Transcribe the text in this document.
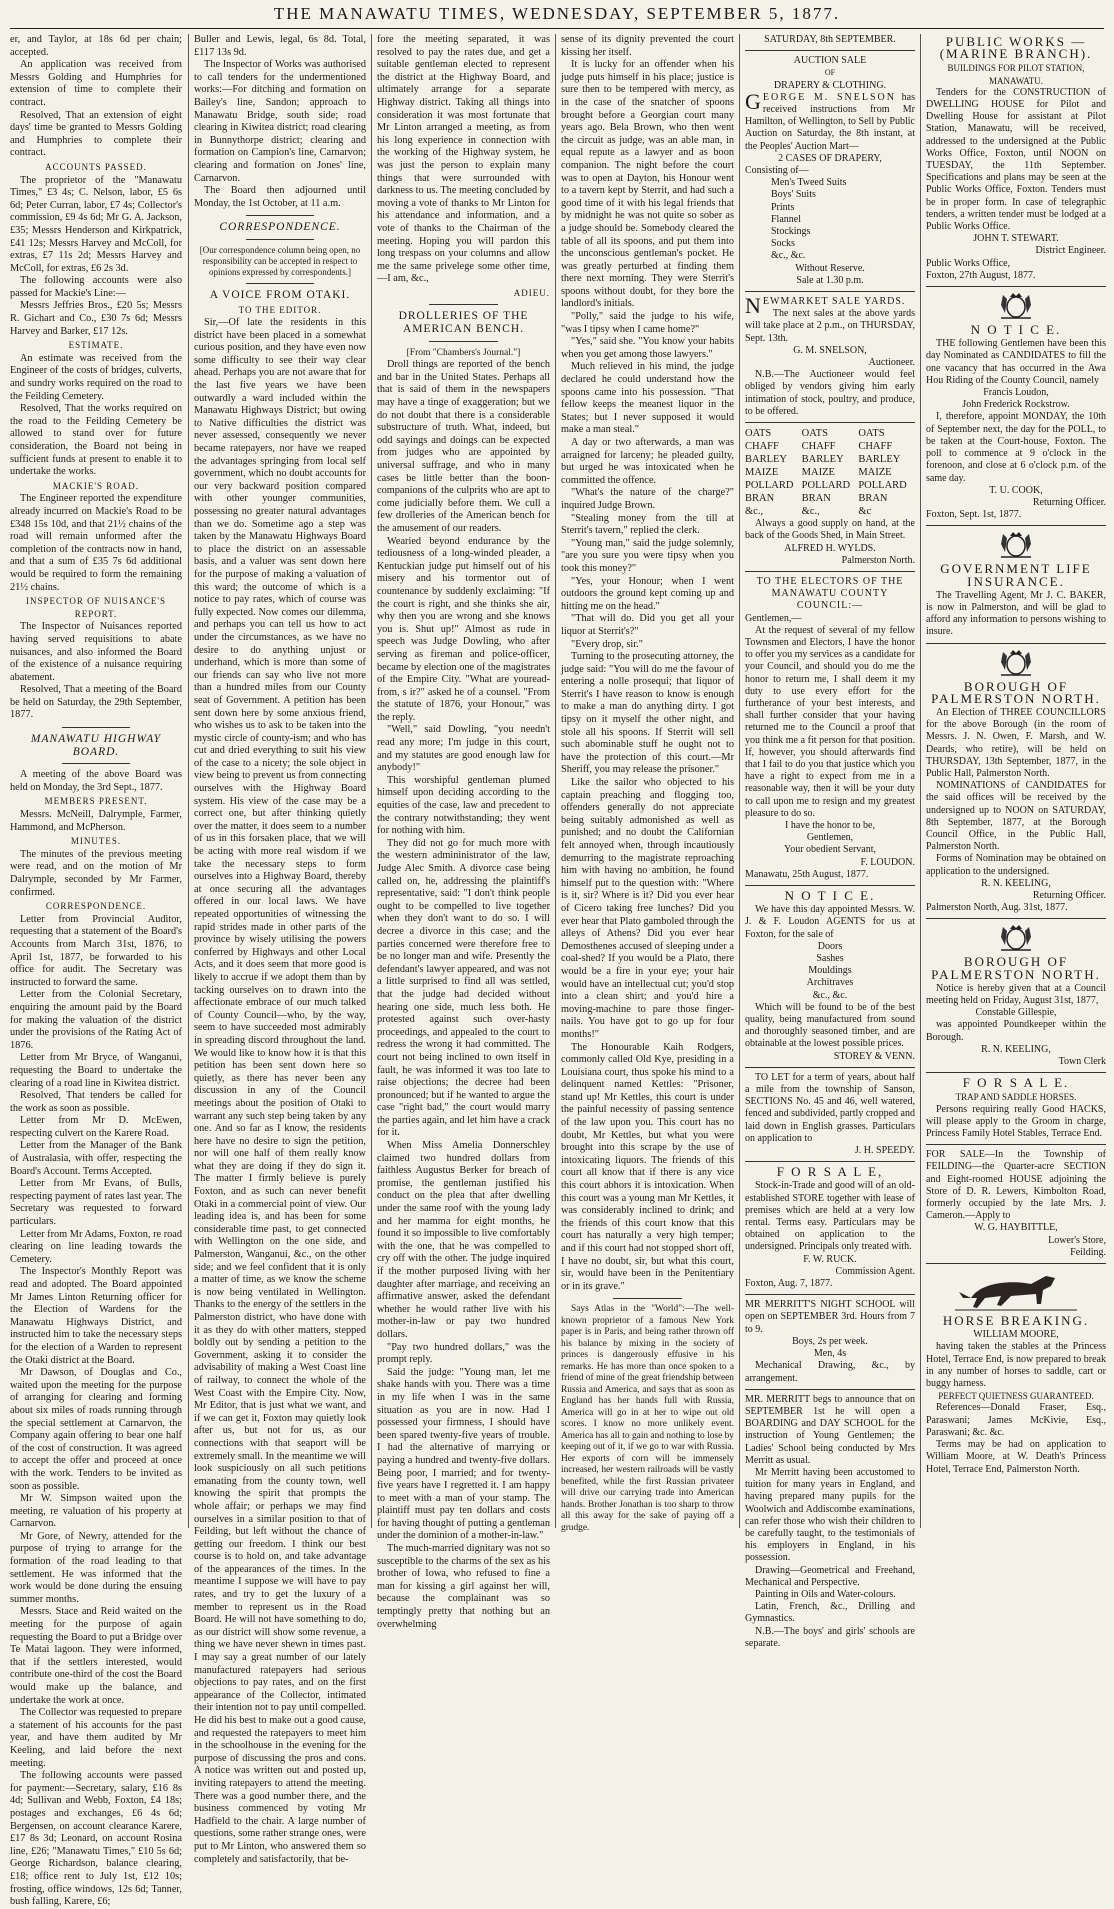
THE MANAWATU TIMES, WEDNESDAY, SEPTEMBER 5, 1877.

er, and Taylor, at 18s 6d per chain; accepted.

An application was received from Messrs Golding and Humphries for extension of time to complete their contract.

Resolved, That an extension of eight days' time be granted to Messrs Golding and Humphries to complete their contract.

ACCOUNTS PASSED.

The proprietor of the "Manawatu Times," £3 4s; C. Nelson, labor, £5 6s 6d; Peter Curran, labor, £7 4s; Collector's commission, £9 4s 6d; Mr G. A. Jackson, £35; Messrs Henderson and Kirkpatrick, £41 12s; Messrs Harvey and McColl, for extras, £7 11s 2d; Messrs Harvey and McColl, for extras, £6 2s 3d.

The following accounts were also passed for Mackie's Line:—

Messrs Jeffries Bros., £20 5s; Messrs R. Gichart and Co., £30 7s 6d; Messrs Harvey and Barker, £17 12s.

ESTIMATE.

An estimate was received from the Engineer of the costs of bridges, culverts, and sundry works required on the road to the Feilding Cemetery.

Resolved, That the works required on the road to the Feilding Cemetery be allowed to stand over for future consideration, the Board not being in sufficient funds at present to enable it to undertake the works.

MACKIE'S ROAD.

The Engineer reported the expenditure already incurred on Mackie's Road to be £348 15s 10d, and that 21½ chains of the road will remain unformed after the completion of the contracts now in hand, and that a sum of £35 7s 6d additional would be required to form the remaining 21½ chains.

INSPECTOR OF NUISANCE'S REPORT.

The Inspector of Nuisances reported having served requisitions to abate nuisances, and also informed the Board of the existence of a nuisance requiring abatement.

Resolved, That a meeting of the Board be held on Saturday, the 29th September, 1877.

MANAWATU HIGHWAY BOARD.

A meeting of the above Board was held on Monday, the 3rd Sept., 1877.

MEMBERS PRESENT.

Messrs. McNeill, Dalrymple, Farmer, Hammond, and McPherson.

MINUTES.

The minutes of the previous meeting were read, and on the motion of Mr Dalrymple, seconded by Mr Farmer, confirmed.

CORRESPONDENCE.

Letter from Provincial Auditor, requesting that a statement of the Board's Accounts from March 31st, 1876, to April 1st, 1877, be forwarded to his office for audit. The Secretary was instructed to forward the same.

Letter from the Colonial Secretary, enquiring the amount paid by the Board for making the valuation of the district under the provisions of the Rating Act of 1876.

Letter from Mr Bryce, of Wanganui, requesting the Board to undertake the clearing of a road line in Kiwitea district.

Resolved, That tenders be called for the work as soon as possible.

Letter from Mr D. McEwen, respecting culvert on the Karere Road.

Letter from the Manager of the Bank of Australasia, with offer, respecting the Board's Account. Terms Accepted.

Letter from Mr Evans, of Bulls, respecting payment of rates last year. The Secretary was requested to forward particulars.

Letter from Mr Adams, Foxton, re road clearing on line leading towards the Cemetery.

The Inspector's Monthly Report was read and adopted. The Board appointed Mr James Linton Returning officer for the Election of Wardens for the Manawatu Highways District, and instructed him to take the necessary steps for the election of a Warden to represent the Otaki district at the Board.

Mr Dawson, of Douglas and Co., waited upon the meeting for the purpose of arranging for clearing and forming about six miles of roads running through the special settlement at Carnarvon, the Company again offering to bear one half of the cost of construction. It was agreed to accept the offer and proceed at once with the work. Tenders to be invited as soon as possible.

Mr W. Simpson waited upon the meeting, re valuation of his property at Carnarvon.

Mr Gore, of Newry, attended for the purpose of trying to arrange for the formation of the road leading to that settlement. He was informed that the work would be done during the ensuing summer months.

Messrs. Stace and Reid waited on the meeting for the purpose of again requesting the Board to put a Bridge over Te Matai lagoon. They were informed, that if the settlers interested, would contribute one-third of the cost the Board would make up the balance, and undertake the work at once.

The Collector was requested to prepare a statement of his accounts for the past year, and have them audited by Mr Keeling, and laid before the next meeting.

The following accounts were passed for payment:—Secretary, salary, £16 8s 4d; Sullivan and Webb, Foxton, £4 18s; postages and exchanges, £6 4s 6d; Bergensen, on account clearance Karere, £17 8s 3d; Leonard, on account Rosina line, £26; "Manawatu Times," £10 5s 6d; George Richardson, balance clearing, £18; office rent to July 1st, £12 10s; frosting, office windows, 12s 6d; Tanner, bush falling, Karere, £6;

Buller and Lewis, legal, 6s 8d. Total, £117 13s 9d.

The Inspector of Works was authorised to call tenders for the undermentioned works:—For ditching and formation on Bailey's line, Sandon; approach to Manawatu Bridge, south side; road clearing in Kiwitea district; road clearing in Bunnythorpe district; clearing and formation on Campion's line, Carnarvon; clearing and formation on Jones' line, Carnarvon.

The Board then adjourned until Monday, the 1st October, at 11 a.m.

CORRESPONDENCE.

[Our correspondence column being open, no responsibility can be accepted in respect to opinions expressed by correspondents.]

A VOICE FROM OTAKI.
TO THE EDITOR.

Sir,—Of late the residents in this district have been placed in a somewhat curious position, and they have even now some difficulty to see their way clear ahead. Perhaps you are not aware that for the last five years we have been outwardly a ward included within the Manawatu Highways District; but owing to Native difficulties the district was never assessed, consequently we never became ratepayers, nor have we reaped the advantages springing from local self government, which no doubt accounts for our very backward position compared with other younger communities, possessing no greater natural advantages than we do. Sometime ago a step was taken by the Manawatu Highways Board to place the district on an assessable basis, and a valuer was sent down here for the purpose of making a valuation of this ward; the outcome of which is a notice to pay rates, which of course was fully expected. Now comes our dilemma, and perhaps you can tell us how to act under the circumstances, as we have no desire to do anything unjust or underhand, which is more than some of our friends can say who live not more than a hundred miles from our County seat of Government. A petition has been sent down here by some anxious friend, who wishes us to ask to be taken into the mystic circle of county-ism; and who has cut and dried everything to suit his view of the case to a nicety; the sole object in view being to prevent us from connecting ourselves with the Highway Board system. His view of the case may be a correct one, but after thinking quietly over the matter, it does seem to a number of us in this forsaken place, that we will be acting with more real wisdom if we take the necessary steps to form ourselves into a Highway Board, thereby at once securing all the advantages offered in our local laws. We have repeated opportunities of witnessing the rapid strides made in other parts of the province by wisely utilising the powers conferred by Highways and other Local Acts, and it does seem that more good is likely to accrue if we adopt them than by tacking ourselves on to drawn into the affectionate embrace of our much talked of County Council—who, by the way, seem to have succeeded most admirably in spreading discord throughout the land. We would like to know how it is that this petition has been sent down here so quietly, as there has never been any discussion in any of the Council meetings about the position of Otaki to warrant any such step being taken by any one. And so far as I know, the residents here have no desire to sign the petition, nor will one half of them really know what they are doing if they do sign it. The matter I firmly believe is purely Foxton, and as such can never benefit Otaki in a commercial point of view. Our leading idea is, and has been for some considerable time past, to get connected with Wellington on the one side, and Palmerston, Wanganui, &c., on the other side; and we feel confident that it is only a matter of time, as we know the scheme is now being ventilated in Wellington. Thanks to the energy of the settlers in the Palmerston district, who have done with it as they do with other matters, stepped boldly out by sending a petition to the Government, asking it to consider the advisability of making a West Coast line of railway, to connect the whole of the West Coast with the Empire City. Now, Mr Editor, that is just what we want, and if we can get it, Foxton may quietly look after us, but not for us, as our connections with that seaport will be extremely small. In the meantime we will look suspiciously on all such petitions emanating from the county town, well knowing the spirit that prompts the whole affair; or perhaps we may find ourselves in a similar position to that of Feilding, but left without the chance of getting our freedom. I think our best course is to hold on, and take advantage of the appearances of the times. In the meantime I suppose we will have to pay rates, and try to get the luxury of a member to represent us in the Road Board. He will not have something to do, as our district will show some revenue, a thing we have never shewn in times past. I may say a great number of our lately manufactured ratepayers had serious objections to pay rates, and on the first appearance of the Collector, intimated their intention not to pay until compelled. He did his best to make out a good cause, and requested the ratepayers to meet him in the schoolhouse in the evening for the purpose of discussing the pros and cons. A notice was written out and posted up, inviting ratepayers to attend the meeting. There was a good number there, and the business commenced by voting Mr Hadfield to the chair. A large number of questions, some rather strange ones, were put to Mr Linton, who answered them so completely and satisfactorily, that be-

fore the meeting separated, it was resolved to pay the rates due, and get a suitable gentleman elected to represent the district at the Highway Board, and ultimately arrange for a separate Highway district. Taking all things into consideration it was most fortunate that Mr Linton arranged a meeting, as from his long experience in connection with the working of the Highway system, he was just the person to explain many things that were surrounded with darkness to us. The meeting concluded by moving a vote of thanks to Mr Linton for his attendance and information, and a vote of thanks to the Chairman of the meeting. Hoping you will pardon this long trespass on your columns and allow me the same privelege some other time, —I am, &c.,

ADIEU.
DROLLERIES OF THE AMERICAN BENCH.
[From "Chambers's Journal."]

Droll things are reported of the bench and bar in the United States. Perhaps all that is said of them in the newspapers may have a tinge of exaggeration; but we do not doubt that there is a considerable substructure of truth. What, indeed, but odd sayings and doings can be expected from judges who are appointed by universal suffrage, and who in many cases be little better than the boon-companions of the culprits who are apt to come judicially before them. We cull a few drolleries of the American bench for the amusement of our readers.

Wearied beyond endurance by the tediousness of a long-winded pleader, a Kentuckian judge put himself out of his misery and his tormentor out of countenance by suddenly exclaiming: "If the court is right, and she thinks she air, why then you are wrong and she knows you is. Shut up!" Almost as rude in speech was Judge Dowling, who after serving as fireman and police-officer, became by election one of the magistrates of the Empire City. "What are youread-from, s ir?" asked he of a counsel. "From the statute of 1876, your Honour," was the reply.

"Well," said Dowling, "you needn't read any more; I'm judge in this court, and my statutes are good enough law for anybody!"

This worshipful gentleman plumed himself upon deciding according to the equities of the case, law and precedent to the contrary notwithstanding; they went for nothing with him.

They did not go for much more with the western admininistrator of the law, Judge Alec Smith. A divorce case being called on, he, addressing the plaintiff's representative, said: "I don't think people ought to be compelled to live together when they don't want to do so. I will decree a divorce in this case; and the parties concerned were therefore free to be no longer man and wife. Presently the defendant's lawyer appeared, and was not a little surprised to find all was settled, that the judge had decided without hearing one side, much less both. He protested against such over-hasty proceedings, and appealed to the court to redress the wrong it had committed. The court not being inclined to own itself in fault, he was informed it was too late to raise objections; the decree had been pronounced; but if he wanted to argue the case "right bad," the court would marry the parties again, and let him have a crack for it.

When Miss Amelia Donnerschley claimed two hundred dollars from faithless Augustus Berker for breach of promise, the gentleman justified his conduct on the plea that after dwelling under the same roof with the young lady and her mamma for eight months, he found it so impossible to live comfortably with the one, that he was compelled to cry off with the other. The judge inquired if the mother purposed living with her daughter after marriage, and receiving an affirmative answer, asked the defendant whether he would rather live with his mother-in-law or pay two hundred dollars.

"Pay two hundred dollars," was the prompt reply.

Said the judge: "Young man, let me shake hands with you. There was a time in my life when I was in the same situation as you are in now. Had I possessed your firmness, I should have been spared twenty-five years of trouble. I had the alternative of marrying or paying a hundred and twenty-five dollars. Being poor, I married; and for twenty-five years have I regretted it. I am happy to meet with a man of your stamp. The plaintiff must pay ten dollars and costs for having thought of putting a gentleman under the dominion of a mother-in-law."

The much-married dignitary was not so susceptible to the charms of the sex as his brother of Iowa, who refused to fine a man for kissing a girl against her will, because the complainant was so temptingly pretty that nothing but an overwhelming

sense of its dignity prevented the court kissing her itself.

It is lucky for an offender when his judge puts himself in his place; justice is sure then to be tempered with mercy, as in the case of the snatcher of spoons brought before a Georgian court many years ago. Bela Brown, who then went the circuit as judge, was an able man, in equal repute as a lawyer and as boon companion. The night before the court was to open at Dayton, his Honour went to a tavern kept by Sterrit, and had such a good time of it with his legal friends that by midnight he was not quite so sober as a judge should be. Somebody cleared the table of all its spoons, and put them into the unconscious gentleman's pocket. He was greatly perturbed at finding them there next morning. They were Sterrit's spoons without doubt, for they bore the landlord's initials.

"Polly," said the judge to his wife, "was I tipsy when I came home?"

"Yes," said she. "You know your habits when you get among those lawyers."

Much relieved in his mind, the judge declared he could understand how the spoons came into his possession. "That fellow keeps the meanest liquor in the States; but I never supposed it would make a man steal."

A day or two afterwards, a man was arraigned for larceny; he pleaded guilty, but urged he was intoxicated when he committed the offence.

"What's the nature of the charge?" inquired Judge Brown.

"Stealing money from the till at Sterrit's tavern," replied the clerk.

"Young man," said the judge solemnly, "are you sure you were tipsy when you took this money?"

"Yes, your Honour; when I went outdoors the ground kept coming up and hitting me on the head."

"That will do. Did you get all your liquor at Sterrit's?"

"Every drop, sir."

Turning to the prosecuting attorney, the judge said: "You will do me the favour of entering a nolle prosequi; that liquor of Sterrit's I have reason to know is enough to make a man do anything dirty. I got tipsy on it myself the other night, and stole all his spoons. If Sterrit will sell such abominable stuff he ought not to have the protection of this court.—Mr Sheriff, you may release the prisoner."

Like the sailor who objected to his captain preaching and flogging too, offenders generally do not appreciate being suitably admonished as well as punished; and no doubt the Californian felt annoyed when, through incautiously demurring to the magistrate reproaching him with having no ambition, he found himself put to the question with: "Where is it, sir? Where is it? Did you ever hear of Cicero taking free lunches? Did you ever hear that Plato gamboled through the alleys of Athens? Did you ever hear Demosthenes accused of sleeping under a coal-shed? If you would be a Plato, there would be a fire in your eye; your hair would have an intellectual cut; you'd stop into a clean shirt; and you'd hire a moving-machine to pare those finger-nails. You have got to go up for four months!"

The Honourable Kaih Rodgers, commonly called Old Kye, presiding in a Louisiana court, thus spoke his mind to a delinquent named Kettles: "Prisoner, stand up! Mr Kettles, this court is under the painful necessity of passing sentence of the law upon you. This court has no doubt, Mr Kettles, but what you were brought into this scrape by the use of intoxicating liquors. The friends of this court all know that if there is any vice this court abhors it is intoxication. When this court was a young man Mr Kettles, it was considerably inclined to drink; and the friends of this court know that this court has naturally a very high temper; and if this court had not stopped short off, I have no doubt, sir, but what this court, sir, would have been in the Penitentiary or in its grave."

Says Atlas in the "World":—The well-known proprietor of a famous New York paper is in Paris, and being rather thrown off his balance by mixing in the society of princes is dangerously effusive in his remarks. He has more than once spoken to a friend of mine of the great friendship between Russia and America, and says that as soon as England has her hands full with Russia, America will go in at her to wipe out old scores. I know no more unlikely event. America has all to gain and nothing to lose by keeping out of it, if we go to war with Russia. Her exports of corn will be immensely increased, her western railroads will be vastly benefited, while the first Russian privateer will drive our carrying trade into American hands. Brother Jonathan is too sharp to throw all this away for the sake of paying off a grudge.

SATURDAY, 8th SEPTEMBER.
AUCTION SALE
OF
DRAPERY & CLOTHING.

GEORGE M. SNELSON has received instructions from Mr Hamilton, of Wellington, to Sell by Public Auction on Saturday, the 8th instant, at the Peoples' Auction Mart—

2 CASES OF DRAPERY,
Consisting of—
Men's Tweed Suits
Boys' Suits
Prints
Flannel
Stockings
Socks
&c., &c.
Without Reserve.
Sale at 1.30 p.m.

NEWMARKET SALE YARDS.

The next sales at the above yards will take place at 2 p.m., on THURSDAY, Sept. 13th.

G. M. SNELSON,
Auctioneer.

N.B.—The Auctioneer would feel obliged by vendors giving him early intimation of stock, poultry, and produce, to be offered.

OATS	OATS	OATS
CHAFF	CHAFF	CHAFF
BARLEY	BARLEY	BARLEY
MAIZE	MAIZE	MAIZE
POLLARD POLLARD POLLARD
BRAN	BRAN	BRAN
&c.,	&c.,	&c

Always a good supply on hand, at the back of the Goods Shed, in Main Street.

ALFRED H. WYLDS.
Palmerston North.
TO THE ELECTORS OF THE MANAWATU COUNTY COUNCIL:—
Gentlemen,—

At the request of several of my fellow Townsmen and Electors, I have the honor to offer you my services as a candidate for your Council, and should you do me the honor to return me, I shall deem it my duty to use every effort for the furtherance of your best interests, and shall further consider that your having returned me to the Council a proof that you think me a fit person for that position. If, however, you should afterwards find that I fail to do you that justice which you have a right to expect from me in a reasonable way, then it will be your duty to call upon me to resign and my greatest pleasure to do so.

I have the honor to be,
Gentlemen,
Your obedient Servant,
F. LOUDON.
Manawatu, 25th August, 1877.
N O T I C E.

We have this day appointed Messrs. W. J. & F. Loudon AGENTS for us at Foxton, for the sale of

Doors
Sashes
Mouldings
Architraves
&c., &c.

Which will be found to be of the best quality, being manufactured from sound and thoroughly seasoned timber, and are obtainable at the lowest possible prices.

STOREY & VENN.

TO LET for a term of years, about half a mile from the township of Sanson, SECTIONS No. 45 and 46, well watered, fenced and subdivided, partly cropped and laid down in English grasses. Particulars on application to

J. H. SPEEDY.
F O R S A L E,

Stock-in-Trade and good will of an old-established STORE together with lease of premises which are held at a very low rental. Terms easy. Particulars may be obtained on application to the undersigned. Principals only treated with.

F. W. RUCK.
Commission Agent.
Foxton, Aug. 7, 1877.

MR MERRITT'S NIGHT SCHOOL will open on SEPTEMBER 3rd. Hours from 7 to 9.

Boys, 2s per week.
Men, 4s

Mechanical Drawing, &c., by arrangement.

MR. MERRITT begs to announce that on SEPTEMBER 1st he will open a BOARDING and DAY SCHOOL for the instruction of Young Gentlemen; the Ladies' School being conducted by Mrs Merritt as usual.

Mr Merritt having been accustomed to tuition for many years in England, and having prepared many pupils for the Woolwich and Addiscombe examinations, can refer those who wish their children to be carefully taught, to the testimonials of his employers in England, in his possession.

Drawing—Geometrical and Freehand, Mechanical and Perspective.

Painting in Oils and Water-colours.

Latin, French, &c., Drilling and Gymnastics.

N.B.—The boys' and girls' schools are separate.

PUBLIC WORKS — (MARINE BRANCH).
BUILDINGS FOR PILOT STATION, MANAWATU.

Tenders for the CONSTRUCTION of DWELLING HOUSE for Pilot and Dwelling House for assistant at Pilot Station, Manawatu, will be received, addressed to the undersigned at the Public Works Office, Foxton, until NOON on TUESDAY, the 11th September. Specifications and plans may be seen at the Public Works Office, Foxton. Tenders must be in proper form. In case of telegraphic tenders, a written tender must be lodged at a Public Works Office.

JOHN T. STEWART.
District Engineer.
Public Works Office,
Foxton, 27th August, 1877.
N O T I C E.

THE following Gentlemen have been this day Nominated as CANDIDATES to fill the one vacancy that has occurred in the Awa Hou Riding of the County Council, namely

Francis Loudon,
John Frederick Rockstrow.

I, therefore, appoint MONDAY, the 10th of September next, the day for the POLL, to be taken at the Court-house, Foxton. The poll to commence at 9 o'clock in the forenoon, and close at 6 o'clock p.m. of the same day.

T. U. COOK,
Returning Officer.
Foxton, Sept. 1st, 1877.
GOVERNMENT LIFE INSURANCE.

The Travelling Agent, Mr J. C. BAKER, is now in Palmerston, and will be glad to afford any information to persons wishing to insure.

BOROUGH OF PALMERSTON NORTH.

An Election of THREE COUNCILLORS for the above Borough (in the room of Messrs. J. N. Owen, F. Marsh, and W. Deards, who retire), will be held on THURSDAY, 13th September, 1877, in the Public Hall, Palmerston North.

NOMINATIONS of CANDIDATES for the said offices will be received by the undersigned up to NOON on SATURDAY, 8th September, 1877, at the Borough Council Office, in the Public Hall, Palmerston North.

Forms of Nomination may be obtained on application to the undersigned.

R. N. KEELING,
Returning Officer.
Palmerston North, Aug. 31st, 1877.
BOROUGH OF PALMERSTON NORTH.

Notice is hereby given that at a Council meeting held on Friday, August 31st, 1877,

Constable Gillespie,

was appointed Poundkeeper within the Borough.

R. N. KEELING,
Town Clerk
F O R S A L E.
TRAP AND SADDLE HORSES.

Persons requiring really Good HACKS, will please apply to the Groom in charge, Princess Family Hotel Stables, Terrace End.

FOR SALE—In the Township of FEILDING—the Quarter-acre SECTION and Eight-roomed HOUSE adjoining the Store of D. R. Lewers, Kimbolton Road, formerly occupied by the late Mrs. J. Cameron.—Apply to

W. G. HAYBITTLE,
Lower's Store,
Feilding.
HORSE BREAKING.
WILLIAM MOORE,

having taken the stables at the Princess Hotel, Terrace End, is now prepared to break in any number of horses to saddle, cart or buggy harness.

PERFECT QUIETNESS GUARANTEED.

References—Donald Fraser, Esq., Paraswani; James McKivie, Esq., Paraswani; &c. &c.

Terms may be had on application to William Moore, at W. Death's Princess Hotel, Terrace End, Palmerston North.
